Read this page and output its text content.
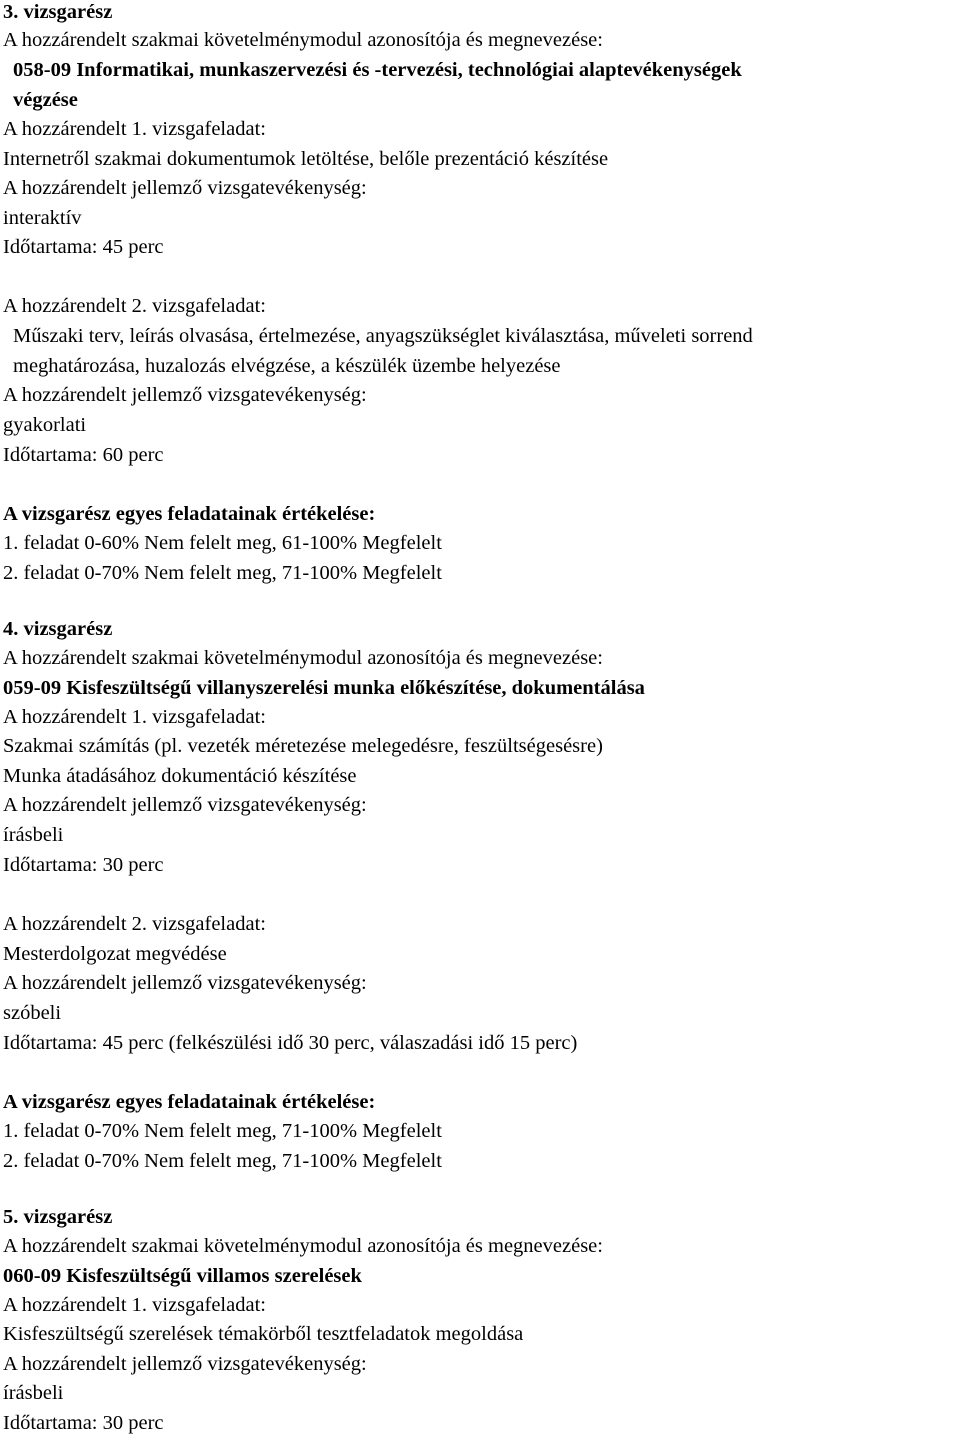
3. vizsgarész

A hozzárendelt szakmai követelménymodul azonosítója és megnevezése:

058-09 Informatikai, munkaszervezési és -tervezési, technológiai alaptevékenységek

végzése

A hozzárendelt 1. vizsgafeladat:

Internetről szakmai dokumentumok letöltése, belőle prezentáció készítése

A hozzárendelt jellemző vizsgatevékenység:

interaktív

Időtartama: 45 perc

A hozzárendelt 2. vizsgafeladat:

Műszaki terv, leírás olvasása, értelmezése, anyagszükséglet kiválasztása, műveleti sorrend

meghatározása, huzalozás elvégzése, a készülék üzembe helyezése

A hozzárendelt jellemző vizsgatevékenység:

gyakorlati

Időtartama: 60 perc

A vizsgarész egyes feladatainak értékelése:

1. feladat 0-60% Nem felelt meg, 61-100% Megfelelt

2. feladat 0-70% Nem felelt meg, 71-100% Megfelelt

4. vizsgarész

A hozzárendelt szakmai követelménymodul azonosítója és megnevezése:

059-09 Kisfeszültségű villanyszerelési munka előkészítése, dokumentálása

A hozzárendelt 1. vizsgafeladat:

Szakmai számítás (pl. vezeték méretezése melegedésre, feszültségesésre)

Munka átadásához dokumentáció készítése

A hozzárendelt jellemző vizsgatevékenység:

írásbeli

Időtartama: 30 perc

A hozzárendelt 2. vizsgafeladat:

Mesterdolgozat megvédése

A hozzárendelt jellemző vizsgatevékenység:

szóbeli

Időtartama: 45 perc (felkészülési idő 30 perc, válaszadási idő 15 perc)

A vizsgarész egyes feladatainak értékelése:

1. feladat 0-70% Nem felelt meg, 71-100% Megfelelt

2. feladat 0-70% Nem felelt meg, 71-100% Megfelelt

5. vizsgarész

A hozzárendelt szakmai követelménymodul azonosítója és megnevezése:

060-09 Kisfeszültségű villamos szerelések

A hozzárendelt 1. vizsgafeladat:

Kisfeszültségű szerelések témakörből tesztfeladatok megoldása

A hozzárendelt jellemző vizsgatevékenység:

írásbeli

Időtartama: 30 perc
